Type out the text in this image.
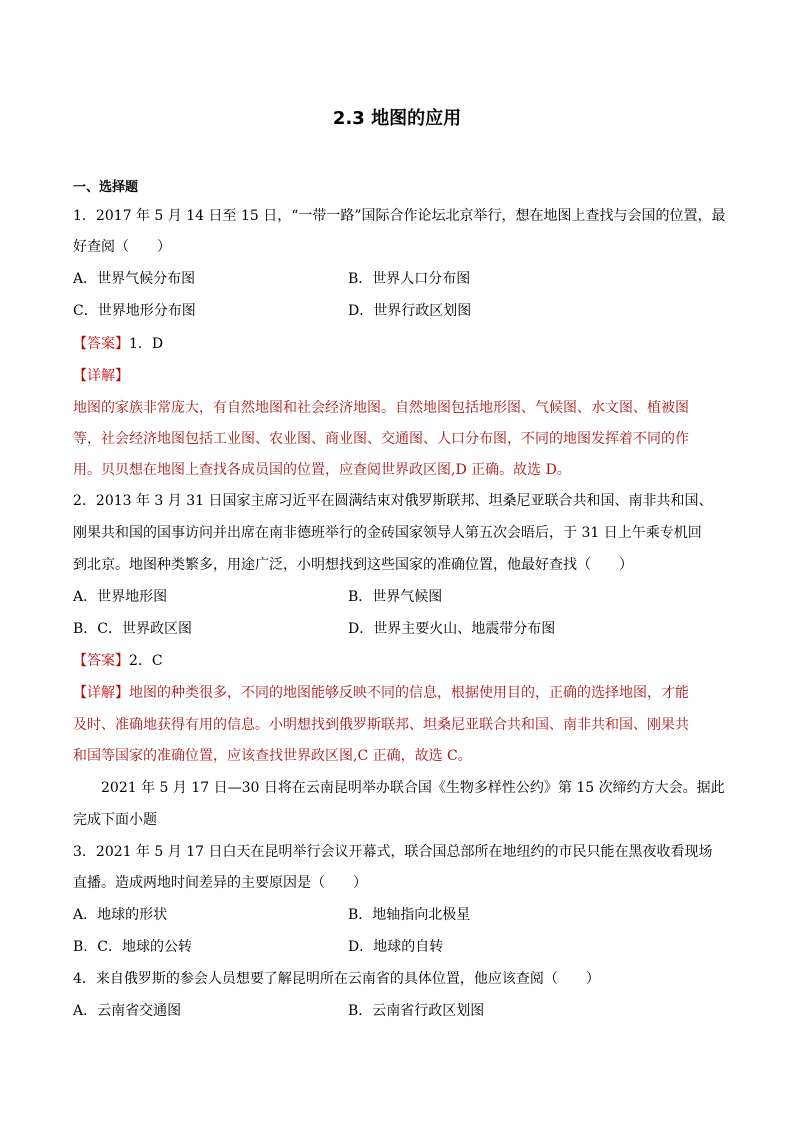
2.3 地图的应用
一、选择题
1．2017 年 5 月 14 日至 15 日，“一带一路”国际合作论坛北京举行，想在地图上查找与会国的位置，最
好查阅（　　）
A．世界气候分布图	B．世界人口分布图
C．世界地形分布图	D．世界行政区划图
【答案】1．D
【详解】
地图的家族非常庞大，有自然地图和社会经济地图。自然地图包括地形图、气候图、水文图、植被图
等，社会经济地图包括工业图、农业图、商业图、交通图、人口分布图，不同的地图发挥着不同的作
用。贝贝想在地图上查找各成员国的位置，应查阅世界政区图,D 正确。故选 D。
2．2013 年 3 月 31 日国家主席习近平在圆满结束对俄罗斯联邦、坦桑尼亚联合共和国、南非共和国、
刚果共和国的国事访问并出席在南非德班举行的金砖国家领导人第五次会晤后，于 31 日上午乘专机回
到北京。地图种类繁多，用途广泛，小明想找到这些国家的准确位置，他最好查找（　　）
A．世界地形图	B．世界气候图
B．C．世界政区图	D．世界主要火山、地震带分布图
【答案】2．C
【详解】地图的种类很多，不同的地图能够反映不同的信息，根据使用目的，正确的选择地图，才能
及时、准确地获得有用的信息。小明想找到俄罗斯联邦、坦桑尼亚联合共和国、南非共和国、刚果共
和国等国家的准确位置，应该查找世界政区图,C 正确，故选 C。
2021 年 5 月 17 日—30 日将在云南昆明举办联合国《生物多样性公约》第 15 次缔约方大会。据此
完成下面小题
3．2021 年 5 月 17 日白天在昆明举行会议开幕式，联合国总部所在地纽约的市民只能在黑夜收看现场
直播。造成两地时间差异的主要原因是（　　）
A．地球的形状	B．地轴指向北极星
B．C．地球的公转	D．地球的自转
4．来自俄罗斯的参会人员想要了解昆明所在云南省的具体位置，他应该查阅（　　）
A．云南省交通图	B．云南省行政区划图
